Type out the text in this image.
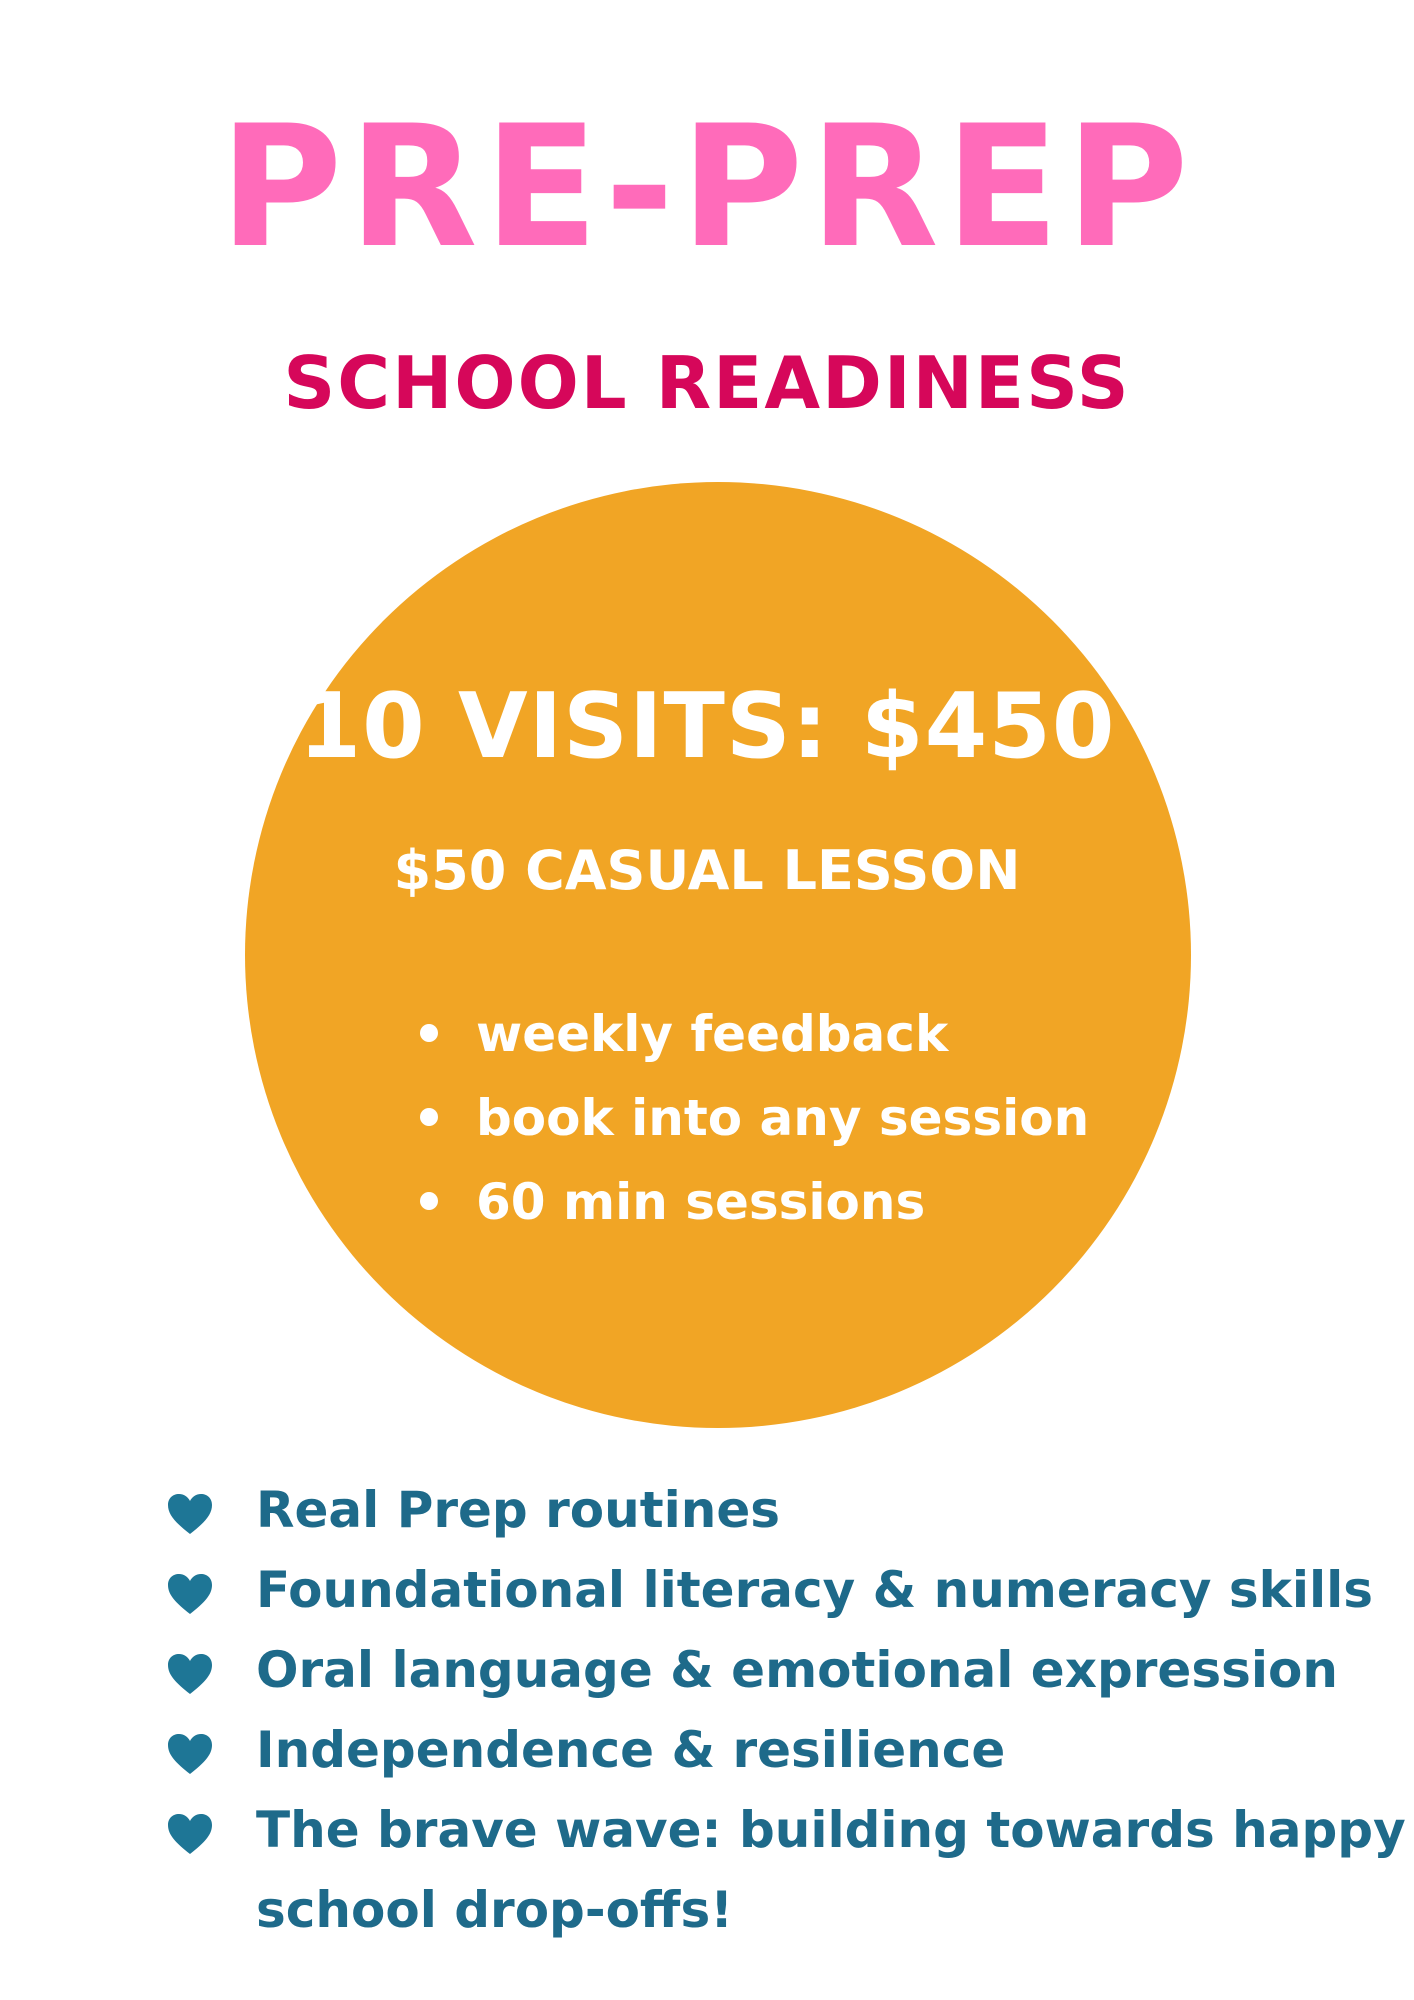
PRE-PREP
SCHOOL READINESS
10 VISITS: $450
$50 CASUAL LESSON
weekly feedback
book into any session
60 min sessions
Real Prep routines
Foundational literacy & numeracy skills
Oral language & emotional expression
Independence & resilience
The brave wave: building towards happy
school drop-offs!
